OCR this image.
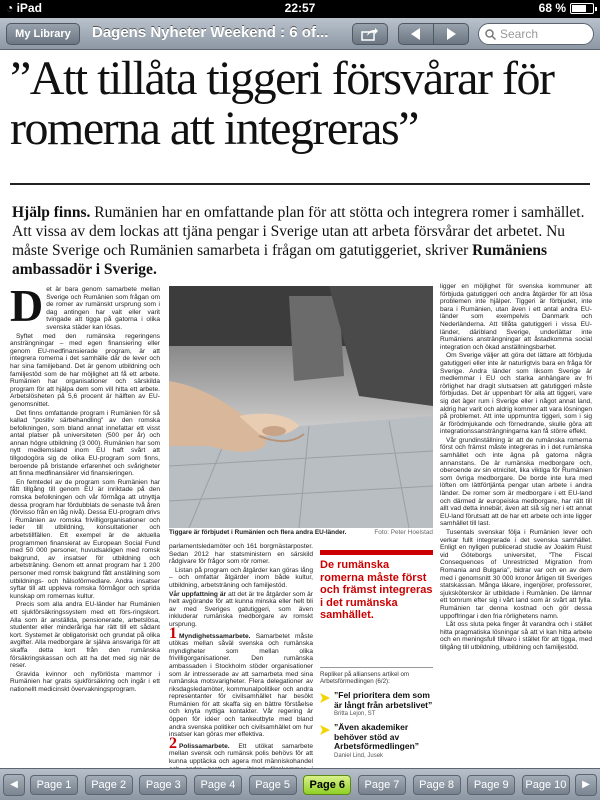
◔ iPad	22:57	68 %
My Library	Dagens Nyheter Weekend : 6 of...
Search
”Att tillåta tiggeri försvårar för romerna att integreras”

Hjälp finns. Rumänien har en omfattande plan för att stötta och integrera romer i samhället. Att vissa av dem lockas att tjäna pengar i Sverige utan att arbeta försvårar det arbetet. Nu måste Sverige och Rumänien samarbeta i frågan om gatutiggeriet, skriver Rumäniens ambassadör i Sverige.

D et är bara genom samarbete mellan Sverige och Rumänien som frågan om de romer av rumänskt ursprung som i dag antingen har valt eller varit tvingade att tigga på gatorna i olika svenska städer kan lösas.

Syftet med den rumänska regeringens ansträngningar – med egen finansiering eller genom EU-medfinansierade program, är att integrera romerna i det samhälle där de lever och har sina familjeband. Det är genom utbildning och familjestöd som de har möjlighet att få ett arbete. Rumänien har organisationer och särskilda program för att hjälpa dem som vill hitta ett arbete. Arbetslösheten på 5,6 procent är hälften av EU-genomsnittet.

Det finns omfattande program i Rumänien för så kallad "positiv särbehandling" av den romska befolkningen, som bland annat innefattar ett visst antal platser på universiteten (500 per år) och annan högre utbildning (3 000). Rumänien har som nytt medlemsland inom EU haft svårt att tillgodogöra sig de olika EU-program som finns, beroende på bristande erfarenhet och svårigheter att finna medfinansiärer vid finansieringen.

En femtedel av de program som Rumänien har fått tillgång till genom EU är inriktade på den romska befolkningen och vår förmåga att utnyttja dessa program har fördubblats de senaste två åren (förvisso från en låg nivå). Dessa EU-program drivs i Rumänien av romska frivilligorganisationer och leder till utbildning, konsultationer och arbetstillfällen. Ett exempel är de aktuella programmen finansierat av European Social Fund med 50 000 personer, huvudsakligen med romsk bakgrund, av insatser för utbildning och arbetsträning. Genom ett annat program har 1 200 personer med romsk bakgrund fått anställning som utbildnings- och hälsoförmedlare. Andra insatser syftar till att uppleva romska förmågor och sprida kunskap om romernas kultur.

Precis som alla andra EU-länder har Rumänien ett sjukförsäkringssystem med ett förs-ringskort. Alla som är anställda, pensionerade, arbetslösa, studenter eller minderåriga har rätt till ett sådant kort. Systemet är obligatoriskt och grundat på olika avgifter. Alla medborgare är själva ansvariga för att skaffa detta kort från den rumänska försäkringskassan och att ha det med sig när de reser.

Gravida kvinnor och nyförlösta mammor i Rumänien har gratis sjukförsäkring och ingår i ett nationellt medicinskt övervakningsprogram.

Tiggare är förbjudet i Rumänien och flera andra EU-länder.	Foto: Peter Hoelstad

parlamentsledamöter och 161 borgmästarposter. Sedan 2012 har statsministern en särskild rådgivare för frågor som rör romer.

Listan på program och åtgärder kan göras lång – och omfattar åtgärder inom både kultur, utbildning, arbetsträning och familjestöd.

Vår uppfattning är att det är tre åtgärder som är helt avgörande för att kunna minska eller helt bli av med Sveriges gatutiggeri, som även inkluderar rumänska medborgare av romskt ursprung.

1 Myndighetssamarbete. Samarbetet måste utökas mellan såväl svenska och rumänska myndigheter som mellan olika frivilligorganisationer. Den rumänska ambassaden i Stockholm stöder organisationer som är intresserade av att samarbeta med sina rumänska motsvarigheter. Flera delegationer av riksdagsledamöter, kommunalpolitiker och andra representanter för civilsamhället har besökt Rumänien för att skaffa sig en bättre förståelse och knyta nyttiga kontakter. Vår regering är öppen för idéer och tankeutbyte med bland andra svenska politiker och civilsamhället om hur insatser kan göras mer effektiva.

2 Polissamarbete. Ett utökat samarbete mellan svensk och rumänsk polis behövs för att kunna upptäcka och agera mot människohandel

De rumänska romerna måste först och främst integreras i det rumänska samhället.
Repliker på alliansens artikel om Arbetsförmedlingen (6/2):
”Fel prioritera dem som är långt från arbetslivet”
Britta Lejon, ST
”Även akademiker behöver stöd av Arbetsförmedlingen”
Daniel Lind, Jusek

ligger en möjlighet för svenska kommuner att förbjuda gatutiggeri och andra åtgärder för att lösa problemen inte hjälper. Tiggeri är förbjudet, inte bara i Rumänien, utan även i ett antal andra EU-länder som exempelvis Danmark och Nederländerna. Att tillåta gatutiggeri i vissa EU-länder, däribland Sverige, underlättar inte Rumäniens ansträngningar att åstadkomma social integration och ökad anställningsbarhet.

Om Sverige väljer att göra det lättare att förbjuda gatutiggeri eller inte är naturligtvis bara en fråga för Sverige. Andra länder som liksom Sverige är medlemmar i EU och starka anhängare av fri rörlighet har dragit slutsatsen att gatutiggeri måste förbjudas. Det är uppenbart för alla att tiggeri, vare sig det äger rum i Sverige eller i något annat land, aldrig har varit och aldrig kommer att vara lösningen på problemet. Att inte uppmuntra tiggeri, som i sig är förödmjukande och förnedrande, skulle göra att integrationssansträngningarna kan få större effekt.

Vår grundinställning är att de rumänska romerna först och främst måste integreras in i det rumänska samhället och inte ägna på gatorna några annanstans. De är rumänska medborgare och, oberoende av sin etnicitet, lika viktiga för Rumänien som övriga medborgare. De borde inte lura med löften om lättförtjänta pengar utan arbete i andra länder. De romer som är medborgare i ett EU-land och därmed är europeiska medborgare, har rätt till allt vad detta innebär, även att slå sig ner i ett annat EU-land förutsatt att de har ett arbete och inte ligger samhället till last.

Tusentals svenskar följa i Rumänien lever och verkar fullt integrerade i det svenska samhället. Enligt en nyligen publicerad studie av Joakim Ruist vid Göteborgs universitet, "The Fiscal Consequences of Unrestricted Migration from Romania and Bulgaria", bidrar var och en av dem med i genomsnitt 30 000 kronor årligen till Sveriges statskassan. Många läkare, ingenjörer, professorer, sjuksköterskor är utbildade i Rumänien. De lämnar ett tomrum efter sig i vårt land som är svårt att fylla. Rumänien tar denna kostnad och gör dessa uppoffringar i den fria rörlighetens namn.

Låt oss sluta peka finger åt varandra och i stället hitta pragmatiska lösningar så att vi kan hitta arbete och en meningsfull tillvaro i stället för att tigga, med tillgång till utbildning, utbildning och familjestöd.

◀	Page 1	Page 2	Page 3	Page 4	Page 5	Page 6	Page 7	Page 8	Page 9	Page 10	▶
